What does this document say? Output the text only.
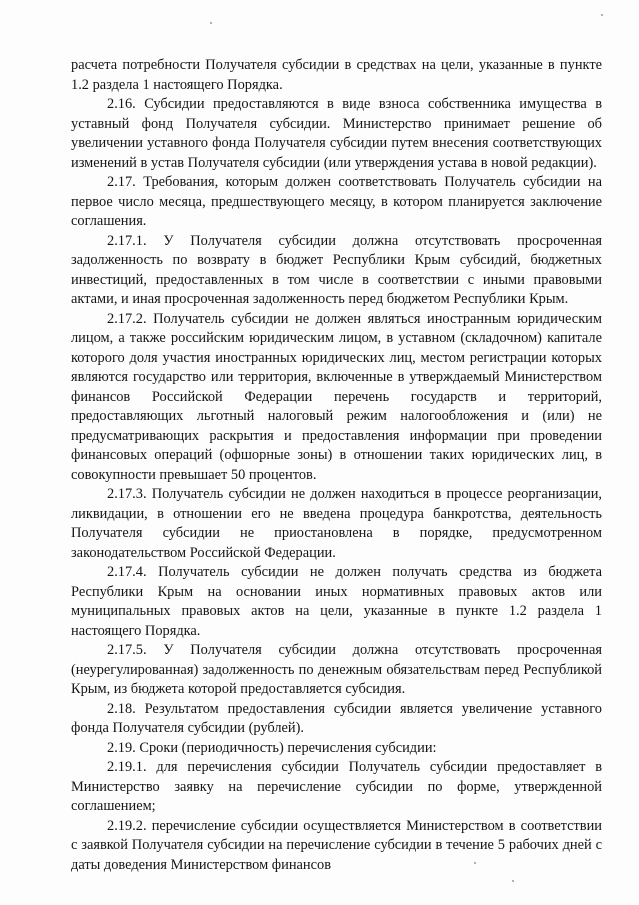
расчета потребности Получателя субсидии в средствах на цели, указанные в пункте 1.2 раздела 1 настоящего Порядка.

2.16. Субсидии предоставляются в виде взноса собственника имущества в уставный фонд Получателя субсидии. Министерство принимает решение об увеличении уставного фонда Получателя субсидии путем внесения соответствующих изменений в устав Получателя субсидии (или утверждения устава в новой редакции).

2.17. Требования, которым должен соответствовать Получатель субсидии на первое число месяца, предшествующего месяцу, в котором планируется заключение соглашения.

2.17.1. У Получателя субсидии должна отсутствовать просроченная задолженность по возврату в бюджет Республики Крым субсидий, бюджетных инвестиций, предоставленных в том числе в соответствии с иными правовыми актами, и иная просроченная задолженность перед бюджетом Республики Крым.

2.17.2. Получатель субсидии не должен являться иностранным юридическим лицом, а также российским юридическим лицом, в уставном (складочном) капитале которого доля участия иностранных юридических лиц, местом регистрации которых являются государство или территория, включенные в утверждаемый Министерством финансов Российской Федерации перечень государств и территорий, предоставляющих льготный налоговый режим налогообложения и (или) не предусматривающих раскрытия и предоставления информации при проведении финансовых операций (офшорные зоны) в отношении таких юридических лиц, в совокупности превышает 50 процентов.

2.17.3. Получатель субсидии не должен находиться в процессе реорганизации, ликвидации, в отношении его не введена процедура банкротства, деятельность Получателя субсидии не приостановлена в порядке, предусмотренном законодательством Российской Федерации.

2.17.4. Получатель субсидии не должен получать средства из бюджета Республики Крым на основании иных нормативных правовых актов или муниципальных правовых актов на цели, указанные в пункте 1.2 раздела 1 настоящего Порядка.

2.17.5. У Получателя субсидии должна отсутствовать просроченная (неурегулированная) задолженность по денежным обязательствам перед Республикой Крым, из бюджета которой предоставляется субсидия.

2.18. Результатом предоставления субсидии является увеличение уставного фонда Получателя субсидии (рублей).

2.19. Сроки (периодичность) перечисления субсидии:

2.19.1. для перечисления субсидии Получатель субсидии предоставляет в Министерство заявку на перечисление субсидии по форме, утвержденной соглашением;

2.19.2. перечисление субсидии осуществляется Министерством в соответствии с заявкой Получателя субсидии на перечисление субсидии в течение 5 рабочих дней с даты доведения Министерством финансов
